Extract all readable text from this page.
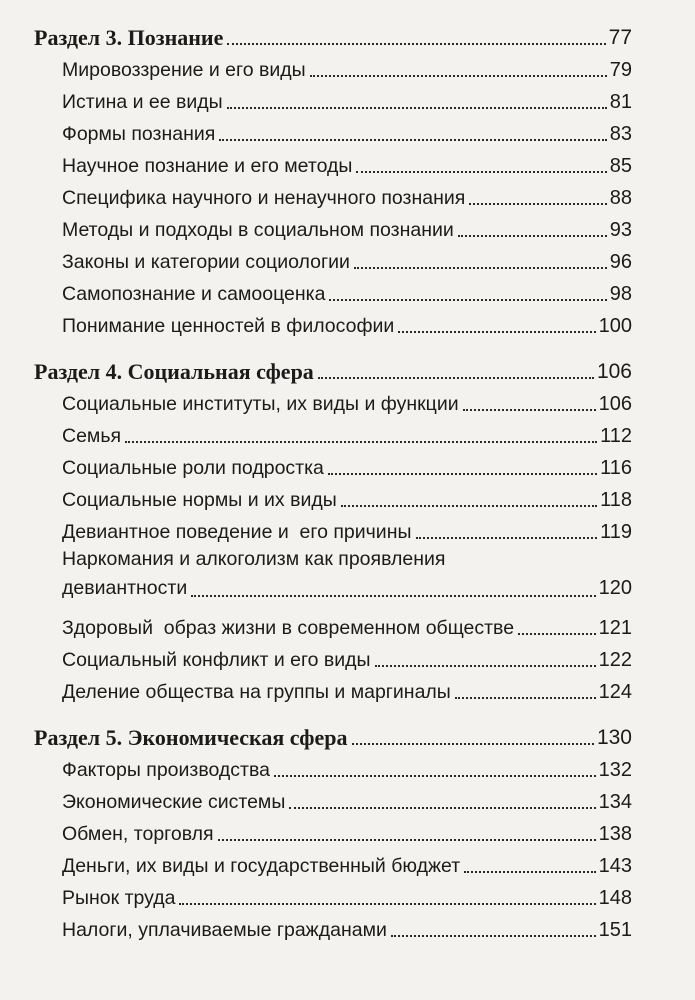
Раздел 3. Познание	77
Мировоззрение и его виды	79
Истина и ее виды	81
Формы познания	83
Научное познание и его методы	85
Специфика научного и ненаучного познания	88
Методы и подходы в социальном познании	93
Законы и категории социологии	96
Самопознание и самооценка	98
Понимание ценностей в философии	100
Раздел 4. Социальная сфера	106
Социальные институты, их виды и функции	106
Семья	112
Социальные роли подростка	116
Социальные нормы и их виды	118
Девиантное поведение и  его причины	119
Наркомания и алкоголизм как проявления
девиантности	120
Здоровый  образ жизни в современном обществе	121
Социальный конфликт и его виды	122
Деление общества на группы и маргиналы	124
Раздел 5. Экономическая сфера	130
Факторы производства	132
Экономические системы	134
Обмен, торговля	138
Деньги, их виды и государственный бюджет	143
Рынок труда	148
Налоги, уплачиваемые гражданами	151
